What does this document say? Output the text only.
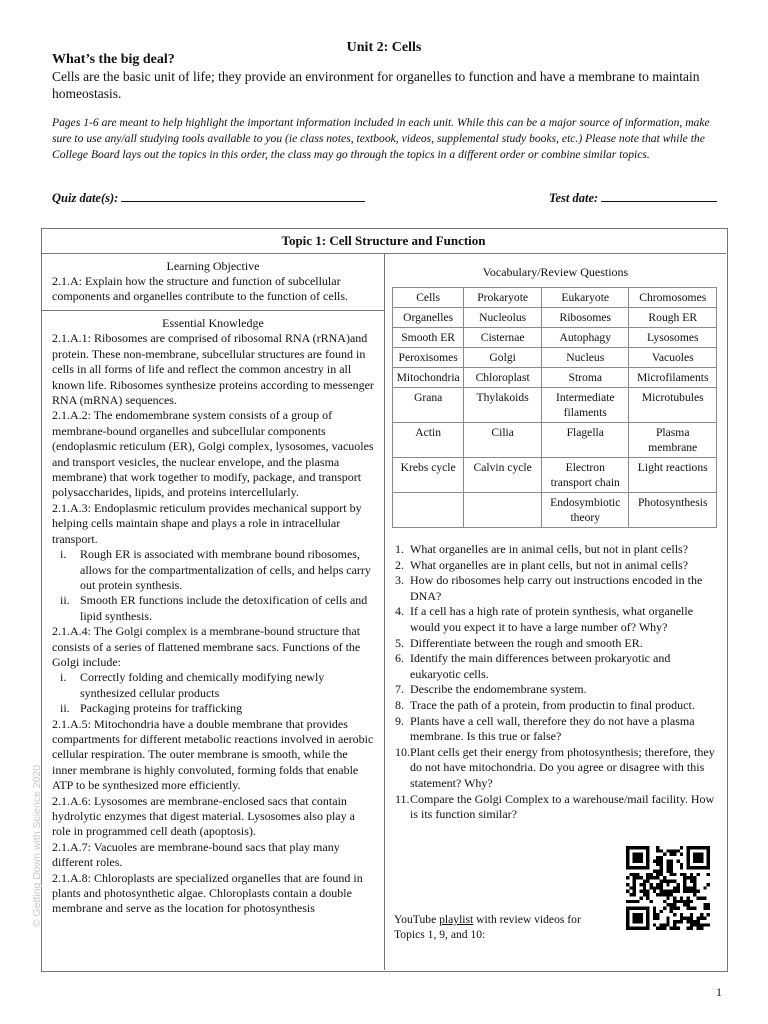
Unit 2: Cells
What’s the big deal?
Cells are the basic unit of life; they provide an environment for organelles to function and have a membrane to maintain homeostasis.
Pages 1-6 are meant to help highlight the important information included in each unit. While this can be a major source of information, make sure to use any/all studying tools available to you (ie class notes, textbook, videos, supplemental study books, etc.) Please note that while the College Board lays out the topics in this order, the class may go through the topics in a different order or combine similar topics.
Quiz date(s):	Test date:
Topic 1: Cell Structure and Function
Learning Objective
2.1.A: Explain how the structure and function of subcellular components and organelles contribute to the function of cells.
Essential Knowledge

2.1.A.1: Ribosomes are comprised of ribosomal RNA (rRNA)and protein. These non-membrane, subcellular structures are found in cells in all forms of life and reflect the common ancestry in all known life. Ribosomes synthesize proteins according to messenger RNA (mRNA) sequences.

2.1.A.2: The endomembrane system consists of a group of membrane-bound organelles and subcellular components (endoplasmic reticulum (ER), Golgi complex, lysosomes, vacuoles and transport vesicles, the nuclear envelope, and the plasma membrane) that work together to modify, package, and transport polysaccharides, lipids, and proteins intercellularly.

2.1.A.3: Endoplasmic reticulum provides mechanical support by helping cells maintain shape and plays a role in intracellular transport.

i.	Rough ER is associated with membrane bound ribosomes, allows for the compartmentalization of cells, and helps carry out protein synthesis.

ii. Smooth ER functions include the detoxification of cells and lipid synthesis.

2.1.A.4: The Golgi complex is a membrane-bound structure that consists of a series of flattened membrane sacs. Functions of the Golgi include:

i.	Correctly folding and chemically modifying newly synthesized cellular products

ii. Packaging proteins for trafficking

2.1.A.5: Mitochondria have a double membrane that provides compartments for different metabolic reactions involved in aerobic cellular respiration. The outer membrane is smooth, while the inner membrane is highly convoluted, forming folds that enable ATP to be synthesized more efficiently.

2.1.A.6: Lysosomes are membrane-enclosed sacs that contain hydrolytic enzymes that digest material. Lysosomes also play a role in programmed cell death (apoptosis).

2.1.A.7: Vacuoles are membrane-bound sacs that play many different roles.

2.1.A.8: Chloroplasts are specialized organelles that are found in plants and photosynthetic algae. Chloroplasts contain a double membrane and serve as the location for photosynthesis

Vocabulary/Review Questions
Cells	Prokaryote	Eukaryote	Chromosomes
Organelles	Nucleolus	Ribosomes	Rough ER
Smooth ER	Cisternae	Autophagy	Lysosomes
Peroxisomes	Golgi	Nucleus	Vacuoles
Mitochondria	Chloroplast	Stroma	Microfilaments
Grana	Thylakoids	Intermediate filaments	Microtubules
Actin	Cilia	Flagella	Plasma membrane
Krebs cycle	Calvin cycle	Electron transport chain	Light reactions
		Endosymbiotic theory	Photosynthesis
1. What organelles are in animal cells, but not in plant cells?
2. What organelles are in plant cells, but not in animal cells?
3. How do ribosomes help carry out instructions encoded in the DNA?
4. If a cell has a high rate of protein synthesis, what organelle would you expect it to have a large number of? Why?
5. Differentiate between the rough and smooth ER.
6. Identify the main differences between prokaryotic and eukaryotic cells.
7. Describe the endomembrane system.
8. Trace the path of a protein, from productin to final product.
9. Plants have a cell wall, therefore they do not have a plasma membrane. Is this true or false?
10. Plant cells get their energy from photosynthesis; therefore, they do not have mitochondria. Do you agree or disagree with this statement? Why?
11. Compare the Golgi Complex to a warehouse/mail facility. How is its function similar?
YouTube playlist with review videos for Topics 1, 9, and 10:
© Getting Down with Science 2020
1
